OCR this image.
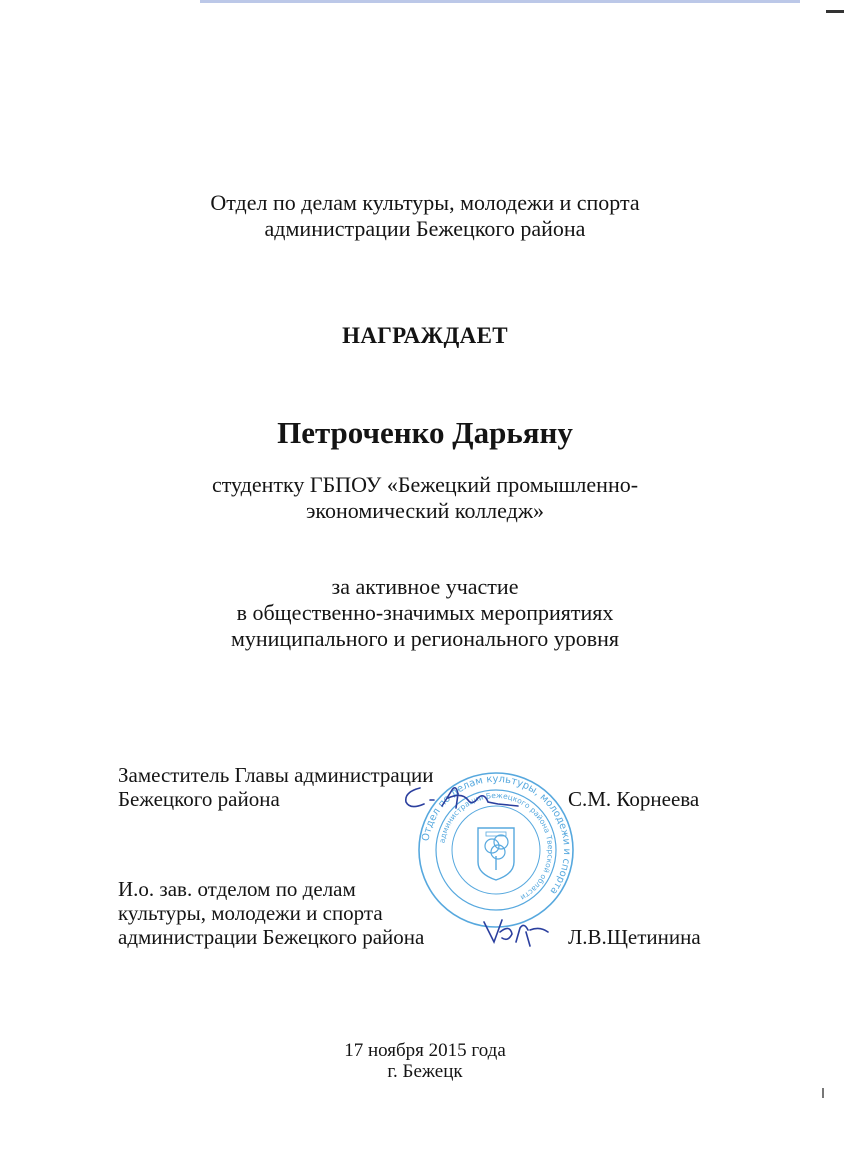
Отдел по делам культуры, молодежи и спорта
администрации Бежецкого района
НАГРАЖДАЕТ
Петроченко Дарьяну
студентку ГБПОУ «Бежецкий промышленно-
экономический колледж»
за активное участие
в общественно-значимых мероприятиях
муниципального и регионального уровня
Отдел по делам культуры, молодежи и спорта
администрации Бежецкого района Тверской области
Заместитель Главы администрации
Бежецкого района	С.М. Корнеева
И.о. зав. отделом по делам
культуры, молодежи и спорта
администрации Бежецкого района	Л.В.Щетинина
17 ноября 2015 года
г. Бежецк
